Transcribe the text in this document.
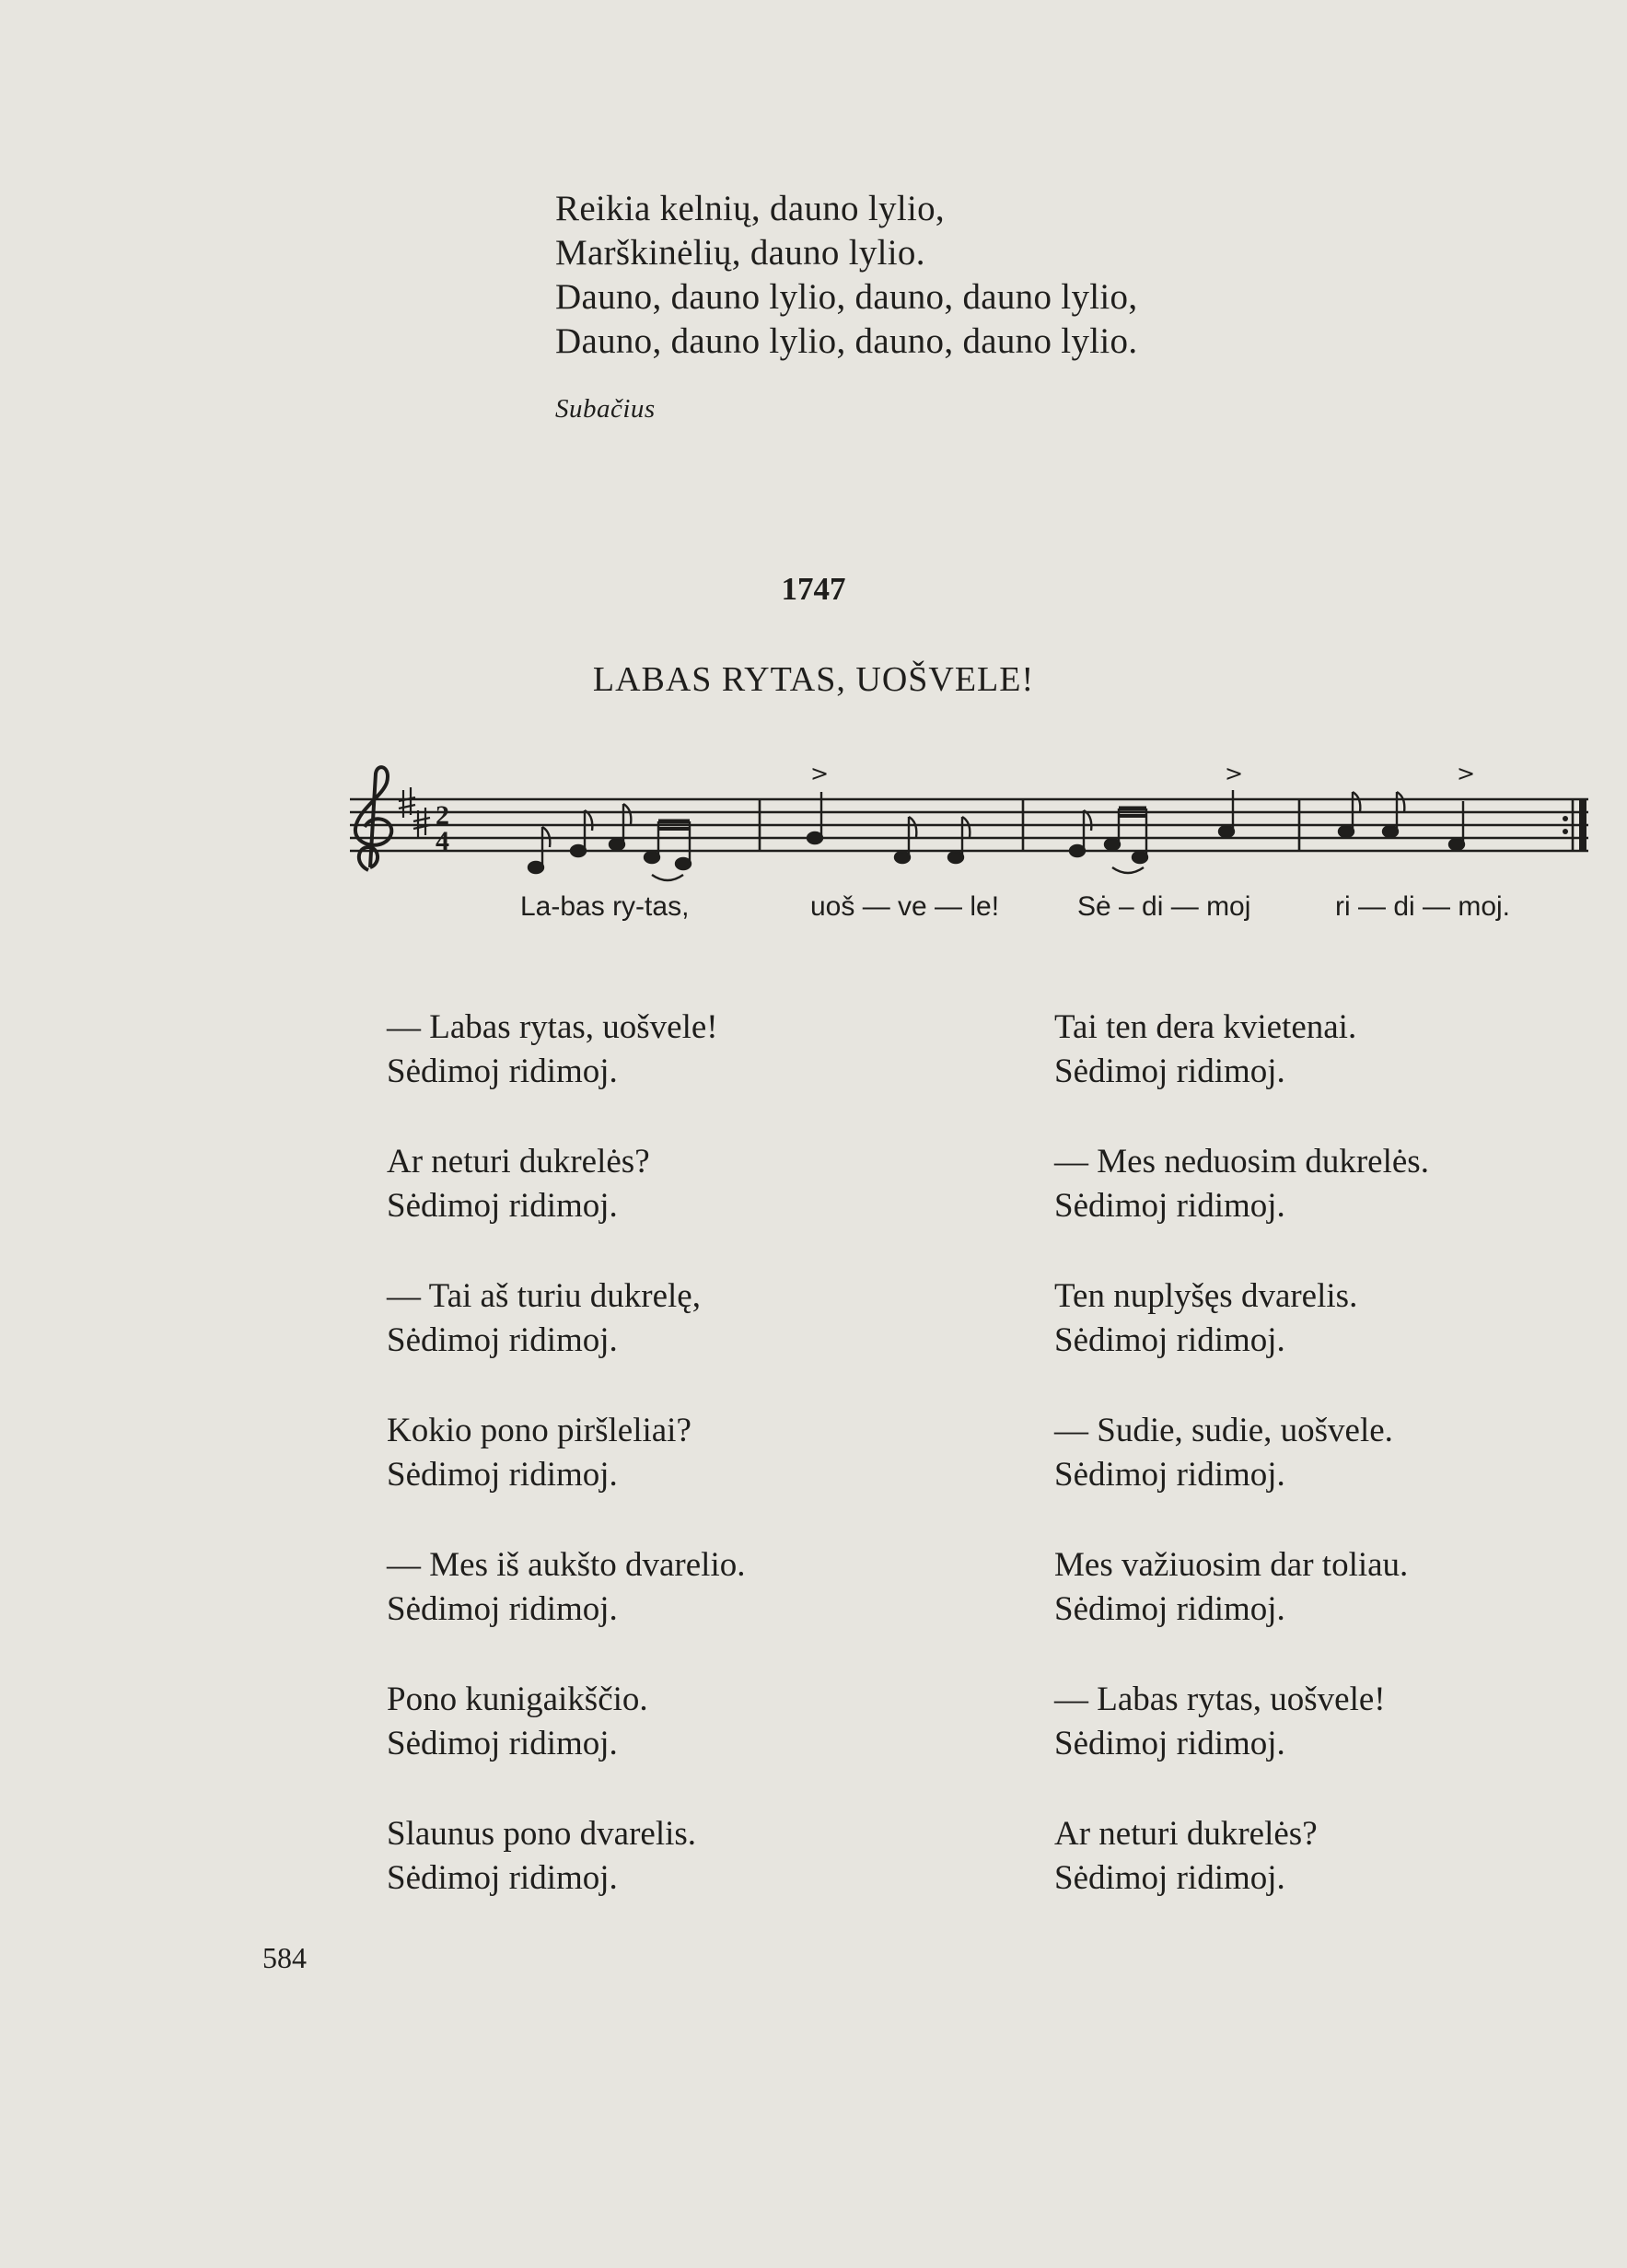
Reikia kelnių, dauno lylio,
Marškinėlių, dauno lylio.
Dauno, dauno lylio, dauno, dauno lylio,
Dauno, dauno lylio, dauno, dauno lylio.
Subačius
1747
LABAS RYTAS, UOŠVELE!
2
4
>	>	>
La-bas ry-tas,	uoš — ve — le!	Sė – di — moj	ri — di — moj.
— Labas rytas, uošvele!
Sėdimoj ridimoj.
Ar neturi dukrelės?
Sėdimoj ridimoj.
— Tai aš turiu dukrelę,
Sėdimoj ridimoj.
Kokio pono piršleliai?
Sėdimoj ridimoj.
— Mes iš aukšto dvarelio.
Sėdimoj ridimoj.
Pono kunigaikščio.
Sėdimoj ridimoj.
Slaunus pono dvarelis.
Sėdimoj ridimoj.
Tai ten dera kvietenai.
Sėdimoj ridimoj.
— Mes neduosim dukrelės.
Sėdimoj ridimoj.
Ten nuplyšęs dvarelis.
Sėdimoj ridimoj.
— Sudie, sudie, uošvele.
Sėdimoj ridimoj.
Mes važiuosim dar toliau.
Sėdimoj ridimoj.
— Labas rytas, uošvele!
Sėdimoj ridimoj.
Ar neturi dukrelės?
Sėdimoj ridimoj.
584
